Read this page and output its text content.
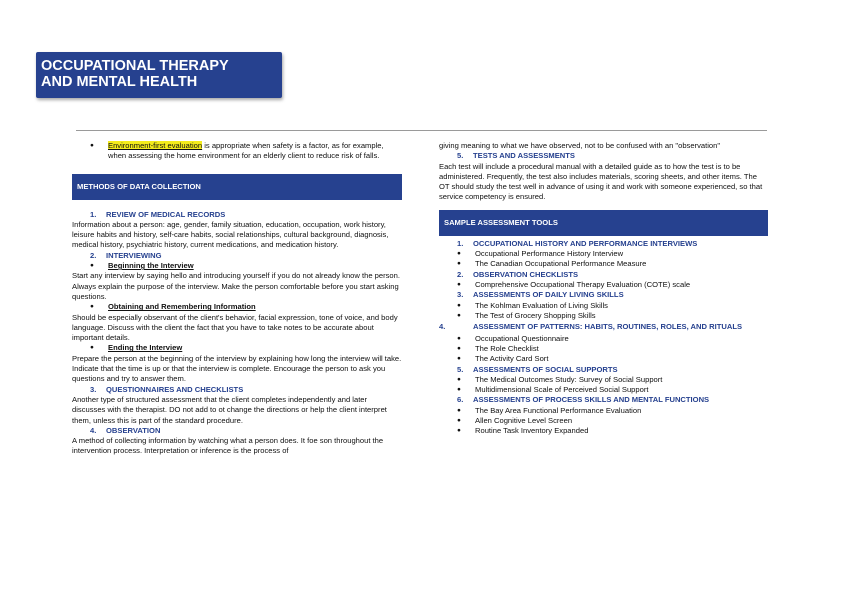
OCCUPATIONAL THERAPY
AND MENTAL HEALTH
● Environment-first evaluation is appropriate when safety is a factor, as for example, when assessing the home environment for an elderly client to reduce risk of falls.
METHODS OF DATA COLLECTION
1. REVIEW OF MEDICAL RECORDS

Information about a person: age, gender, family situation, education, occupation, work history, leisure habits and history, self-care habits, social relationships, cultural background, diagnosis, medical history, psychiatric history, current medications, and medication history.

2. INTERVIEWING
● Beginning the Interview

Start any interview by saying hello and introducing yourself if you do not already know the person. Always explain the purpose of the interview. Make the person comfortable before you start asking questions.

● Obtaining and Remembering Information

Should be especially observant of the client's behavior, facial expression, tone of voice, and body language. Discuss with the client the fact that you have to take notes to be accurate about important details.

● Ending the Interview

Prepare the person at the beginning of the interview by explaining how long the interview will take. Indicate that the time is up or that the interview is complete. Encourage the person to ask you questions and try to answer them.

3. QUESTIONNAIRES AND CHECKLISTS

Another type of structured assessment that the client completes independently and later discusses with the therapist. DO not add to ot change the directions or help the client interpret them, unless this is part of the standard procedure.

4. OBSERVATION

A method of collecting information by watching what a person does. It foe son throughout the intervention process. Interpretation or inference is the process of

giving meaning to what we have observed, not to be confused with an "observation"

5. TESTS AND ASSESSMENTS

Each test will include a procedural manual with a detailed guide as to how the test is to be administered. Frequently, the test also includes materials, scoring sheets, and other items. The OT should study the test well in advance of using it and work with someone experienced, so that service competency is ensured.

SAMPLE ASSESSMENT TOOLS
1. OCCUPATIONAL HISTORY AND PERFORMANCE INTERVIEWS
● Occupational Performance History Interview
● The Canadian Occupational Performance Measure
2. OBSERVATION CHECKLISTS
● Comprehensive Occupational Therapy Evaluation (COTE) scale
3. ASSESSMENTS OF DAILY LIVING SKILLS
● The Kohlman Evaluation of Living Skills
● The Test of Grocery Shopping Skills
4.	ASSESSMENT OF PATTERNS: HABITS, ROUTINES, ROLES, AND RITUALS
● Occupational Questionnaire
● The Role Checklist
● The Activity Card Sort
5. ASSESSMENTS OF SOCIAL SUPPORTS
● The Medical Outcomes Study: Survey of Social Support
● Multidimensional Scale of Perceived Social Support
6. ASSESSMENTS OF PROCESS SKILLS AND MENTAL FUNCTIONS
● The Bay Area Functional Performance Evaluation
● Allen Cognitive Level Screen
● Routine Task Inventory Expanded
